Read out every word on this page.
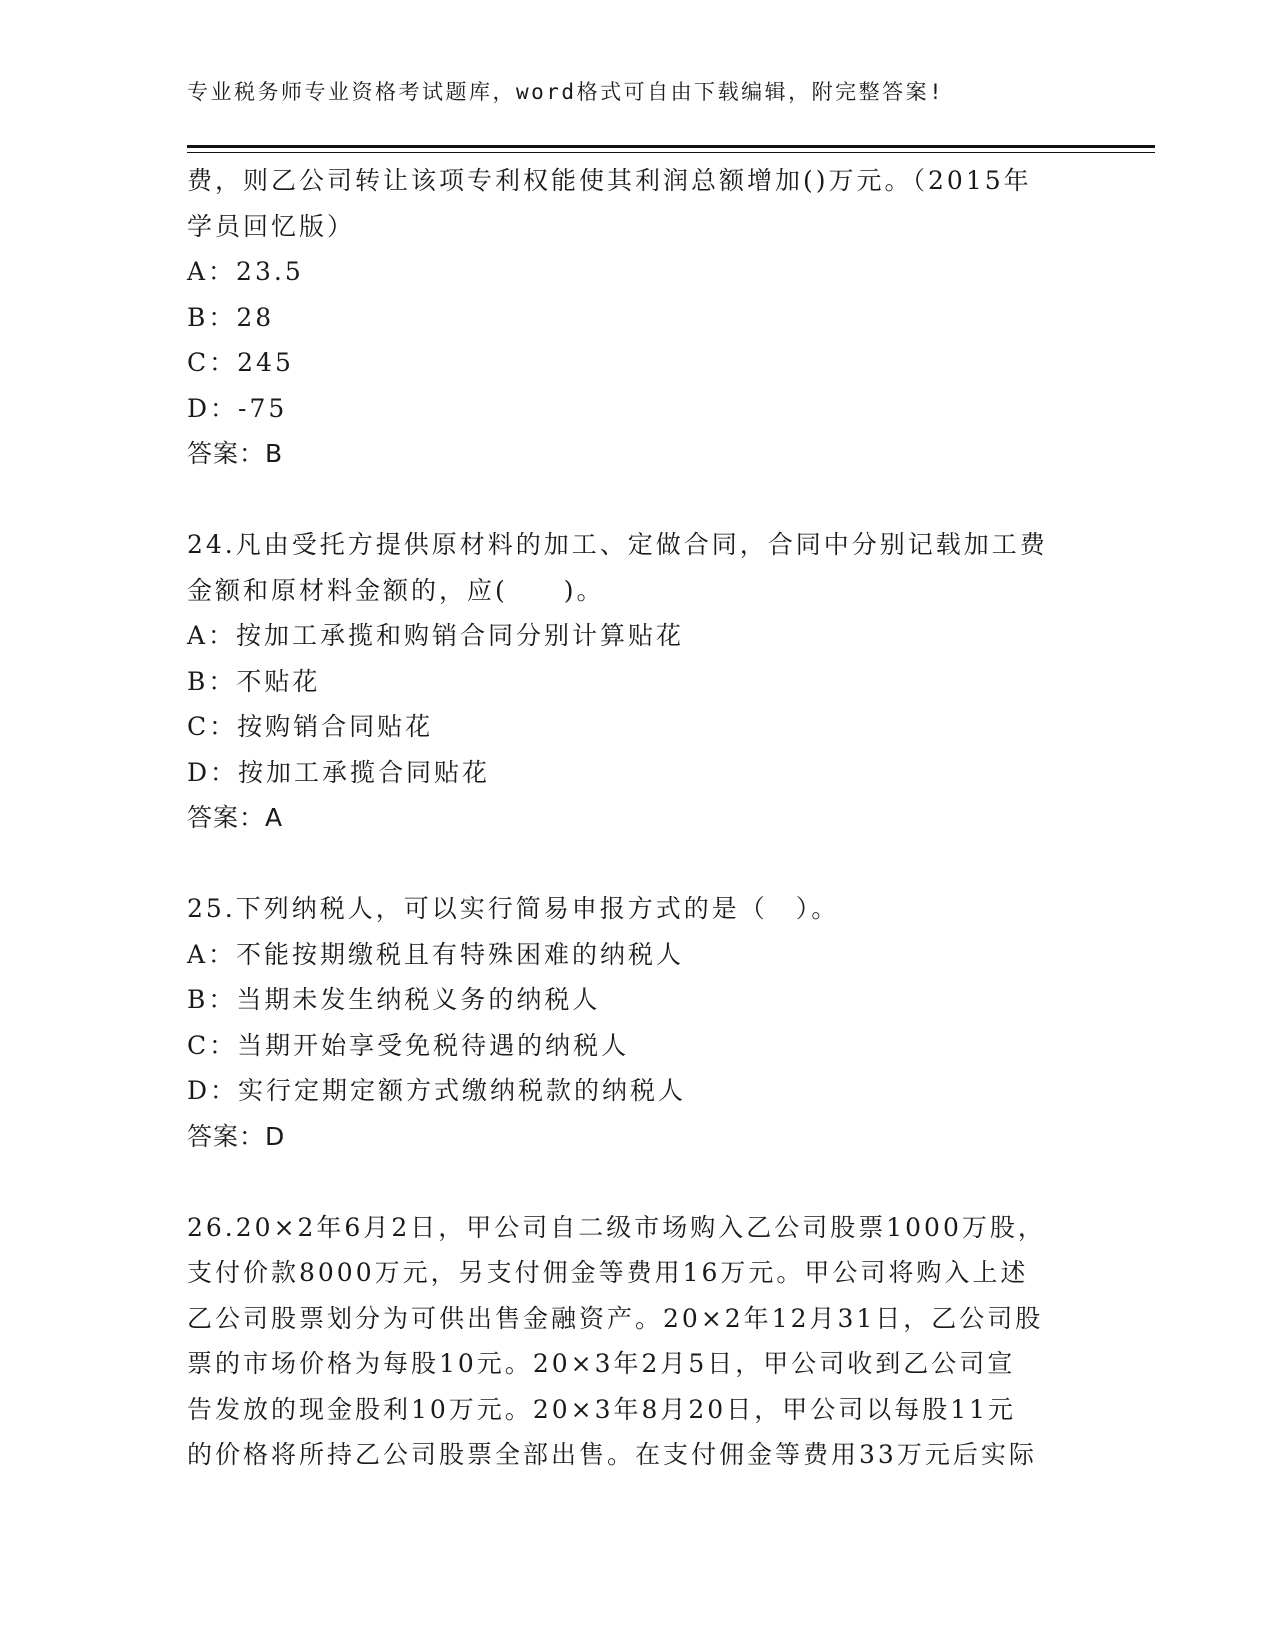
专业税务师专业资格考试题库，word格式可自由下载编辑，附完整答案!
费，则乙公司转让该项专利权能使其利润总额增加()万元。（2015年
学员回忆版）
A：23.5
B：28
C：245
D：-75
答案：B
24.凡由受托方提供原材料的加工、定做合同，合同中分别记载加工费
金额和原材料金额的，应(　　)。
A：按加工承揽和购销合同分别计算贴花
B：不贴花
C：按购销合同贴花
D：按加工承揽合同贴花
答案：A
25.下列纳税人，可以实行简易申报方式的是（　）。
A：不能按期缴税且有特殊困难的纳税人
B：当期未发生纳税义务的纳税人
C：当期开始享受免税待遇的纳税人
D：实行定期定额方式缴纳税款的纳税人
答案：D
26.20×2年6月2日，甲公司自二级市场购入乙公司股票1000万股，
支付价款8000万元，另支付佣金等费用16万元。甲公司将购入上述
乙公司股票划分为可供出售金融资产。20×2年12月31日，乙公司股
票的市场价格为每股10元。20×3年2月5日，甲公司收到乙公司宣
告发放的现金股利10万元。20×3年8月20日，甲公司以每股11元
的价格将所持乙公司股票全部出售。在支付佣金等费用33万元后实际
